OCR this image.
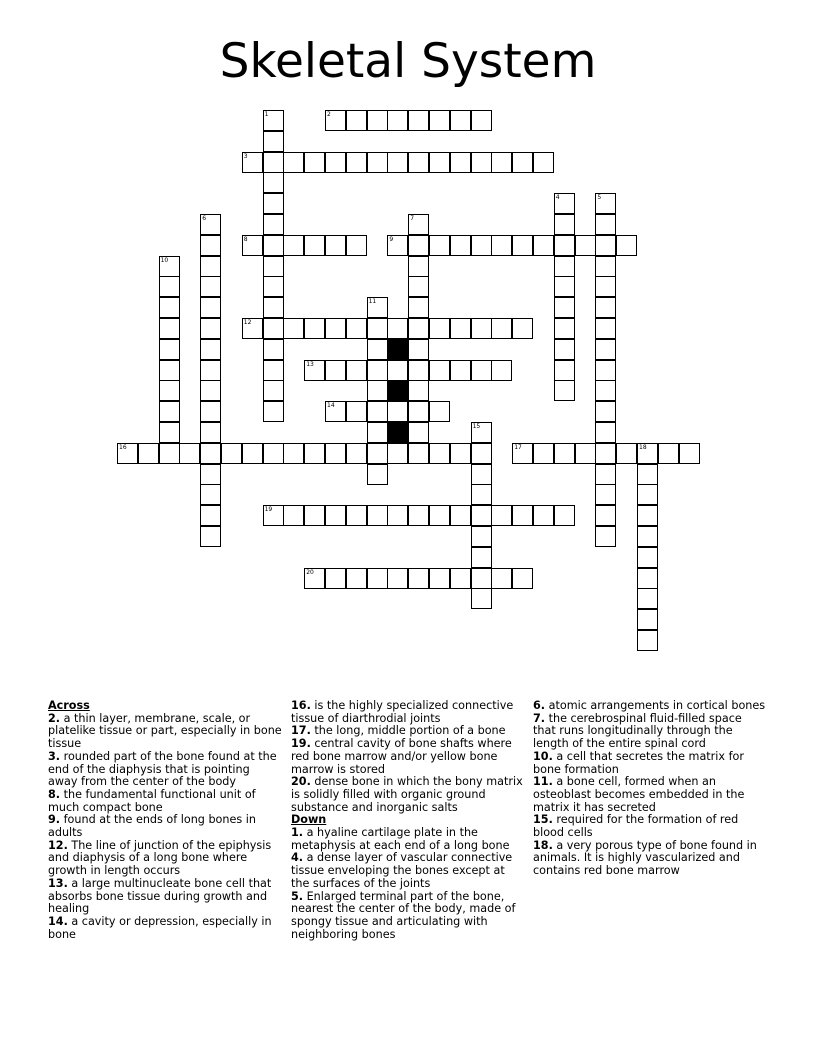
Skeletal System
1	2
3
4	5
6	7
8	9
10
11
12
13
14
15
16	17	18
19
20
Across

2. a thin layer, membrane, scale, or platelike tissue or part, especially in bone tissue

3. rounded part of the bone found at the end of the diaphysis that is pointing away from the center of the body

8. the fundamental functional unit of much compact bone

9. found at the ends of long bones in adults

12. The line of junction of the epiphysis and diaphysis of a long bone where growth in length occurs

13. a large multinucleate bone cell that absorbs bone tissue during growth and healing

14. a cavity or depression, especially in bone

16. is the highly specialized connective tissue of diarthrodial joints

17. the long, middle portion of a bone

19. central cavity of bone shafts where red bone marrow and/or yellow bone marrow is stored

20. dense bone in which the bony matrix is solidly filled with organic ground substance and inorganic salts

Down

1. a hyaline cartilage plate in the metaphysis at each end of a long bone

4. a dense layer of vascular connective tissue enveloping the bones except at the surfaces of the joints

5. Enlarged terminal part of the bone, nearest the center of the body, made of spongy tissue and articulating with neighboring bones

6. atomic arrangements in cortical bones

7. the cerebrospinal fluid-filled space that runs longitudinally through the length of the entire spinal cord

10. a cell that secretes the matrix for bone formation

11. a bone cell, formed when an osteoblast becomes embedded in the matrix it has secreted

15. required for the formation of red blood cells

18. a very porous type of bone found in animals. It is highly vascularized and contains red bone marrow
